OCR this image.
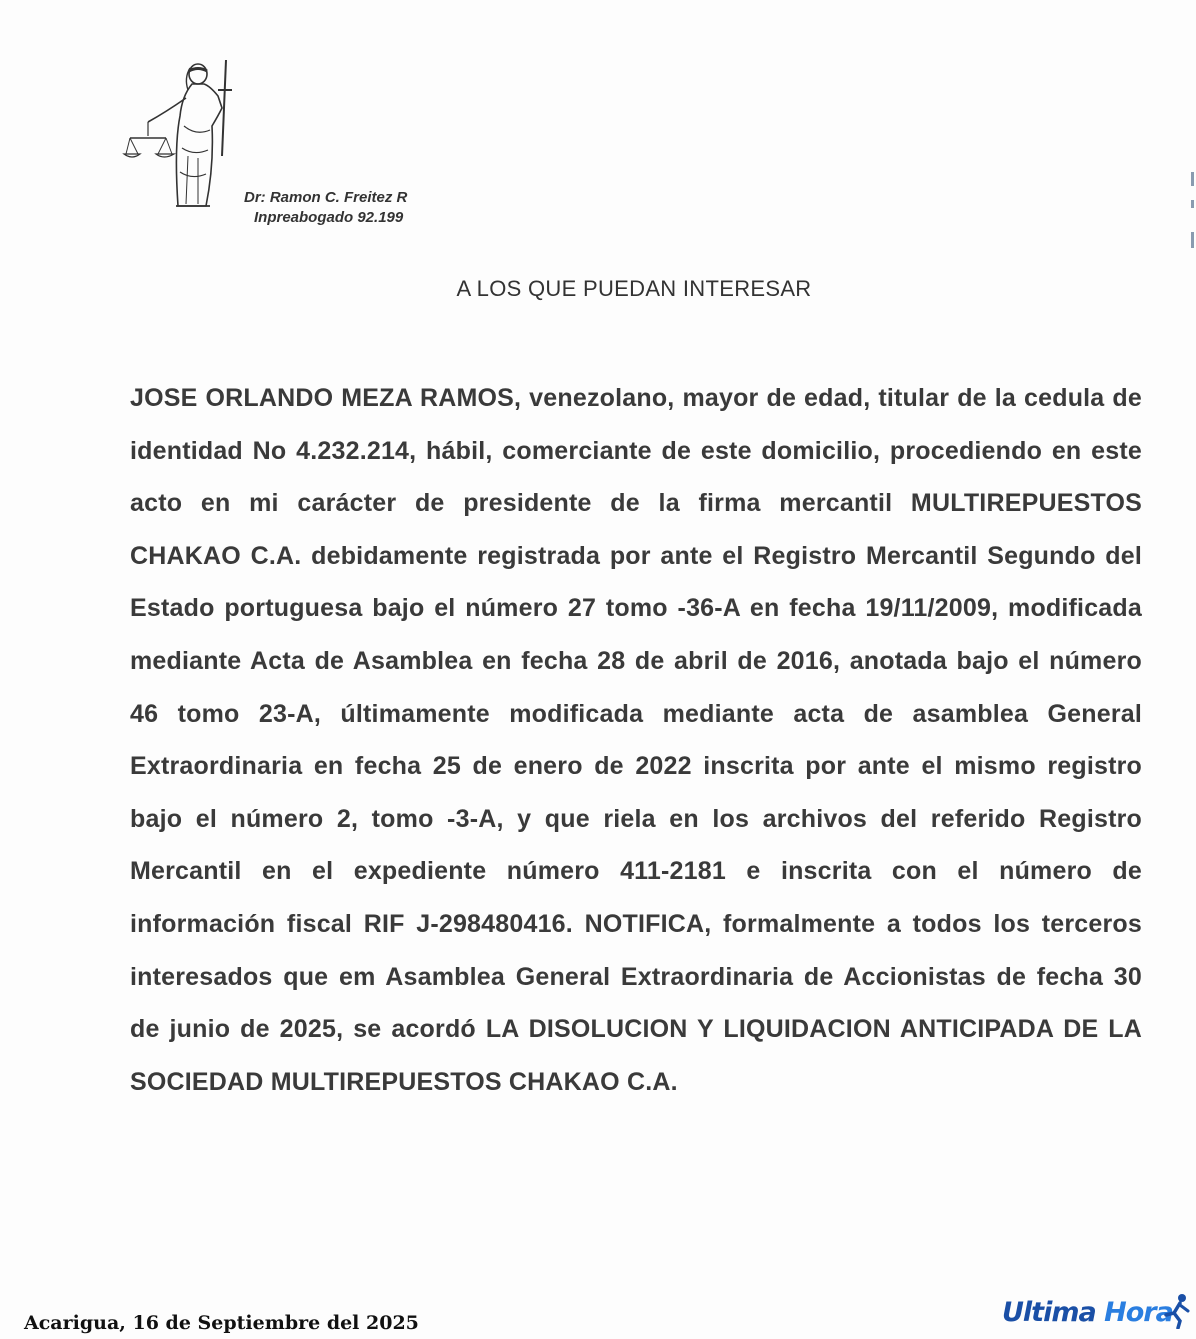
Dr: Ramon C. Freitez R
Inpreabogado 92.199
A LOS QUE PUEDAN INTERESAR
JOSE ORLANDO MEZA RAMOS, venezolano, mayor de edad, titular de la cedula de identidad No 4.232.214, hábil, comerciante de este domicilio, procediendo en este acto en mi carácter de presidente de la firma mercantil MULTIREPUESTOS CHAKAO C.A. debidamente registrada por ante el Registro Mercantil Segundo del Estado portuguesa bajo el número 27 tomo -36-A en fecha 19/11/2009, modificada mediante Acta de Asamblea en fecha 28 de abril de 2016, anotada bajo el número 46 tomo 23-A, últimamente modificada mediante acta de asamblea General Extraordinaria en fecha 25 de enero de 2022 inscrita por ante el mismo registro bajo el número 2, tomo -3-A, y que riela en los archivos del referido Registro Mercantil en el expediente número 411-2181 e inscrita con el número de información fiscal RIF J-298480416. NOTIFICA, formalmente a todos los terceros interesados que em Asamblea General Extraordinaria de Accionistas de fecha 30 de junio de 2025, se acordó LA DISOLUCION Y LIQUIDACION ANTICIPADA DE LA SOCIEDAD MULTIREPUESTOS CHAKAO C.A.
Acarigua, 16 de Septiembre del 2025	Ultima Hora
